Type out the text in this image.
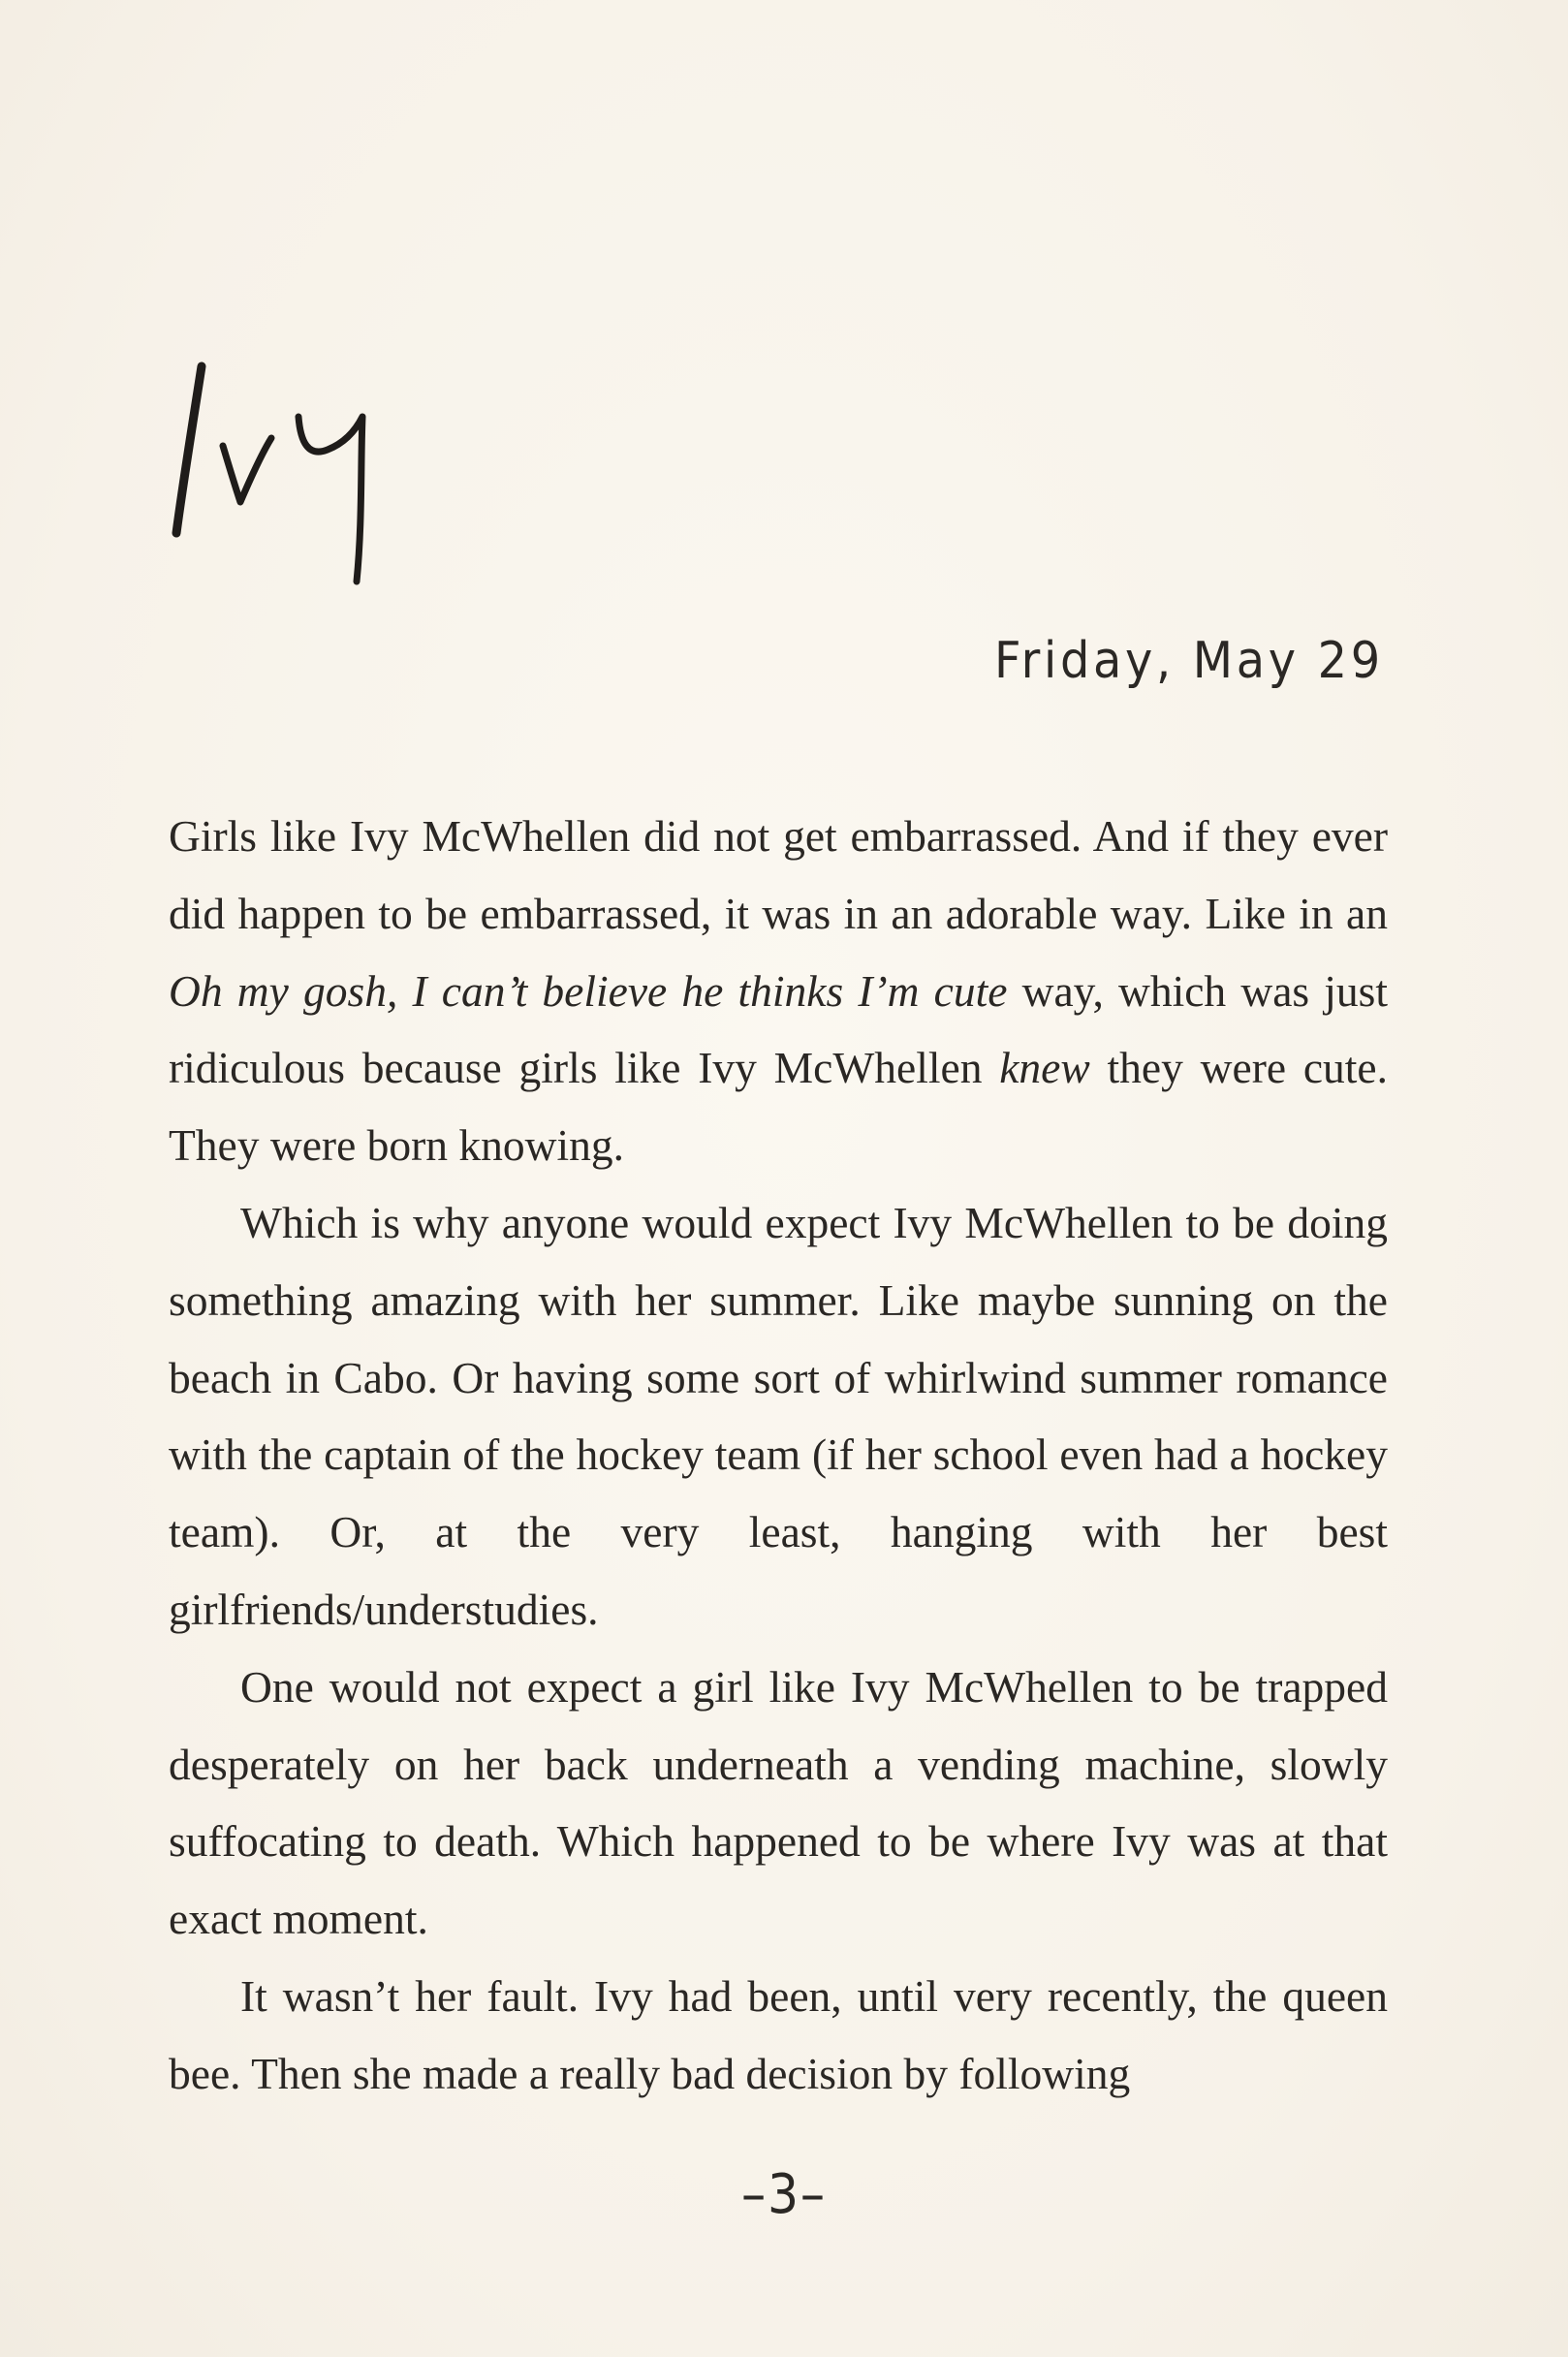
Friday, May 29

Girls like Ivy McWhellen did not get embarrassed. And if they ever did happen to be embarrassed, it was in an adorable way. Like in an Oh my gosh, I can’t believe he thinks I’m cute way, which was just ridiculous because girls like Ivy McWhellen knew they were cute. They were born knowing.

Which is why anyone would expect Ivy McWhellen to be doing something amazing with her summer. Like maybe sunning on the beach in Cabo. Or having some sort of whirlwind summer romance with the captain of the hockey team (if her school even had a hockey team). Or, at the very least, hanging with her best girlfriends/understudies.

One would not expect a girl like Ivy McWhellen to be trapped desperately on her back underneath a vending machine, slowly suffocating to death. Which happened to be where Ivy was at that exact moment.

It wasn’t her fault. Ivy had been, until very recently, the queen bee. Then she made a really bad decision by following

–3–
